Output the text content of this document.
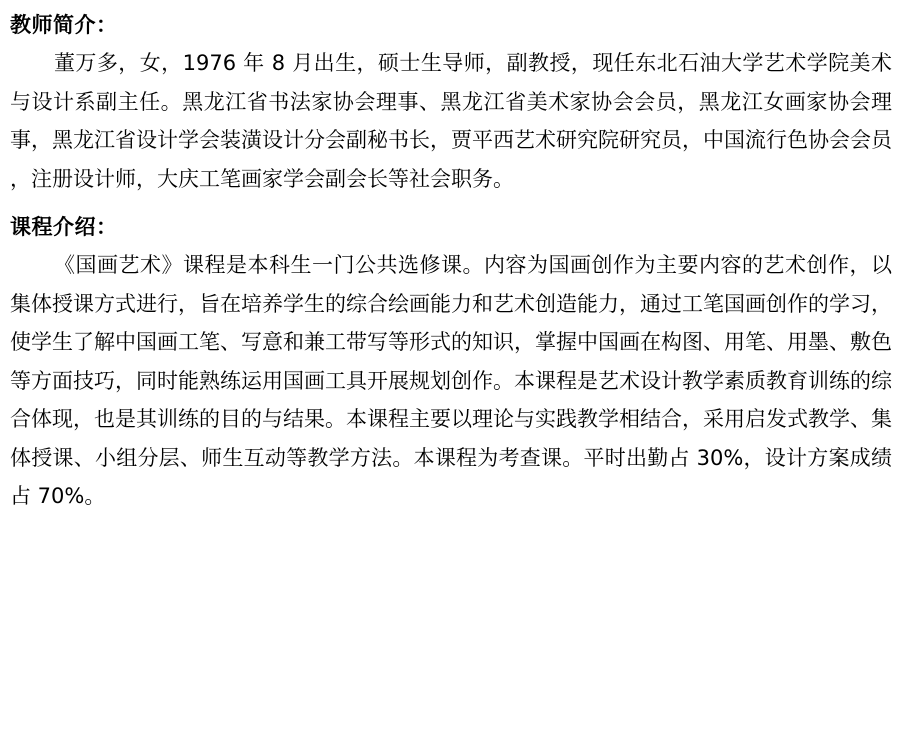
教师简介：

董万多，女，1976 年 8 月出生，硕士生导师，副教授，现任东北石油大学艺术学院美术与设计系副主任。黑龙江省书法家协会理事、黑龙江省美术家协会会员，黑龙江女画家协会理事，黑龙江省设计学会装潢设计分会副秘书长，贾平西艺术研究院研究员，中国流行色协会会员 ，注册设计师，大庆工笔画家学会副会长等社会职务。

课程介绍：

《国画艺术》课程是本科生一门公共选修课。内容为国画创作为主要内容的艺术创作，以集体授课方式进行，旨在培养学生的综合绘画能力和艺术创造能力，通过工笔国画创作的学习，使学生了解中国画工笔、写意和兼工带写等形式的知识，掌握中国画在构图、用笔、用墨、敷色等方面技巧，同时能熟练运用国画工具开展规划创作。本课程是艺术设计教学素质教育训练的综合体现，也是其训练的目的与结果。本课程主要以理论与实践教学相结合，采用启发式教学、集体授课、小组分层、师生互动等教学方法。本课程为考查课。平时出勤占 30%，设计方案成绩占 70%。
